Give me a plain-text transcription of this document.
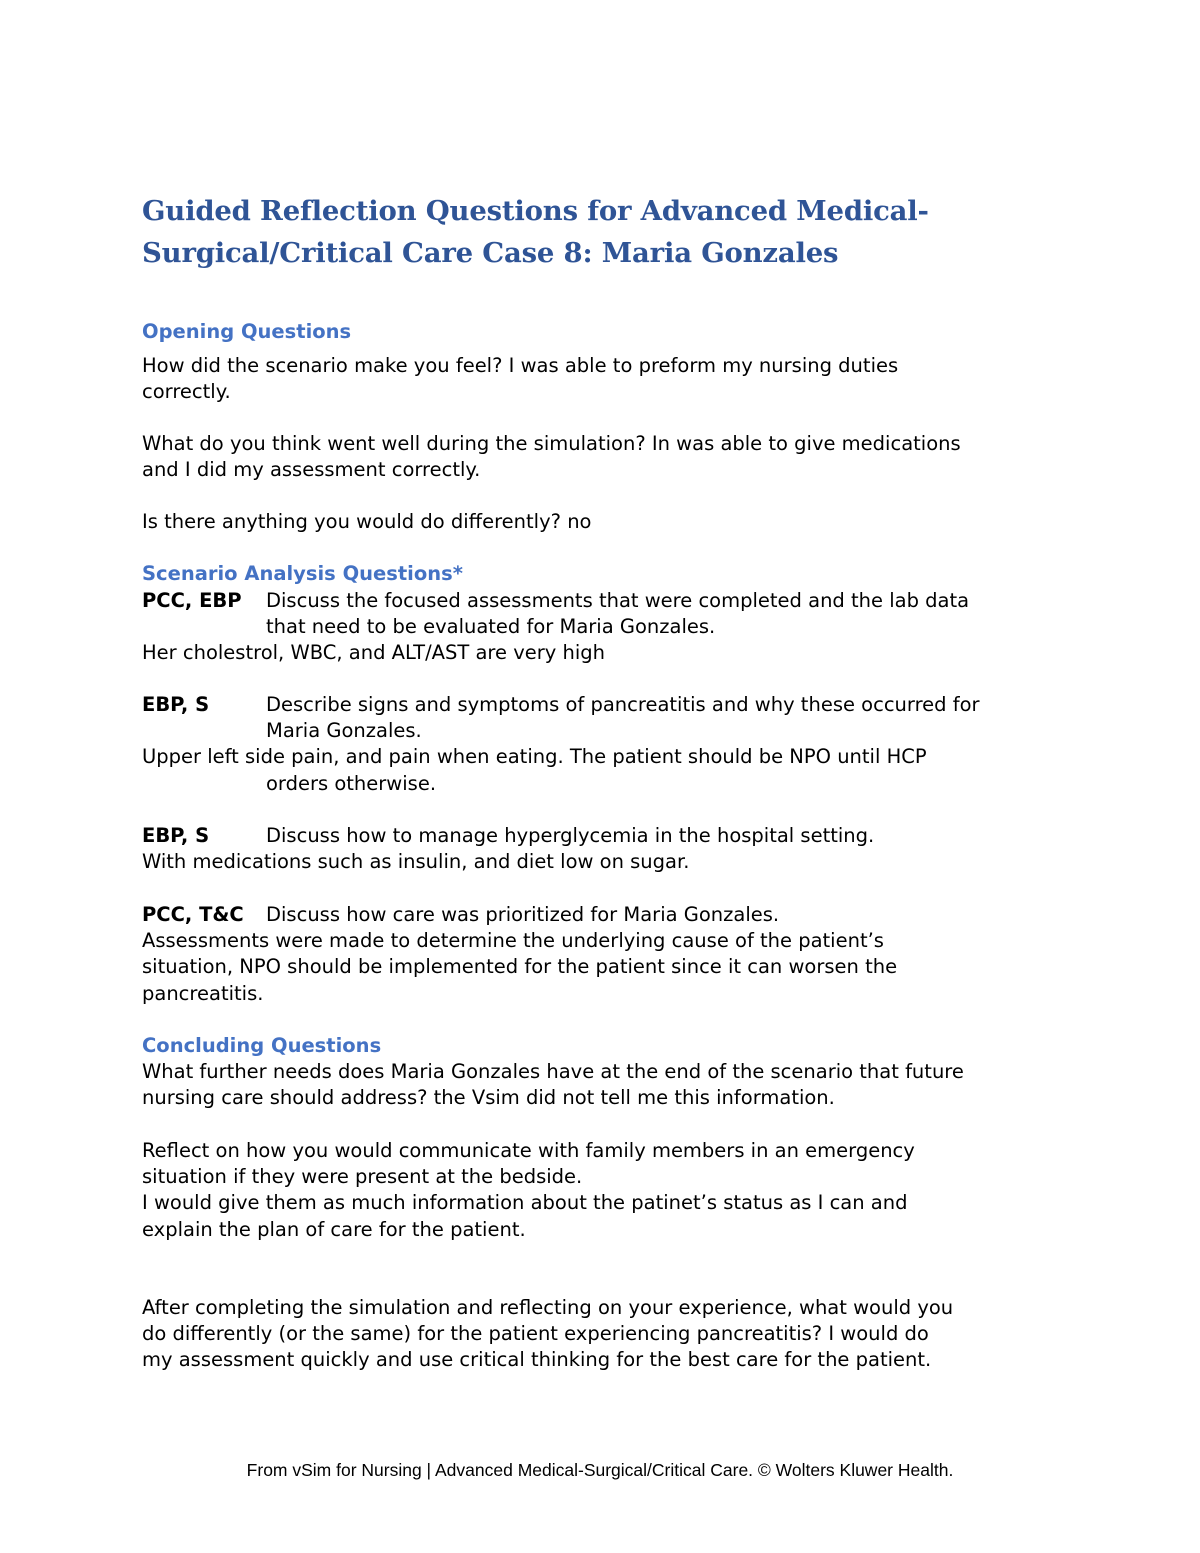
Guided Reflection Questions for Advanced Medical-
Surgical/Critical Care Case 8: Maria Gonzales
Opening Questions
How did the scenario make you feel? I was able to preform my nursing duties
correctly.
What do you think went well during the simulation? In was able to give medications
and I did my assessment correctly.
Is there anything you would do differently? no
Scenario Analysis Questions*
PCC, EBP Discuss the focused assessments that were completed and the lab data
that need to be evaluated for Maria Gonzales.
Her cholestrol, WBC, and ALT/AST are very high
EBP, S	Describe signs and symptoms of pancreatitis and why these occurred for
Maria Gonzales.
Upper left side pain, and pain when eating. The patient should be NPO until HCP
orders otherwise.
EBP, S	Discuss how to manage hyperglycemia in the hospital setting.
With medications such as insulin, and diet low on sugar.
PCC, T&C Discuss how care was prioritized for Maria Gonzales.
Assessments were made to determine the underlying cause of the patient’s
situation, NPO should be implemented for the patient since it can worsen the
pancreatitis.
Concluding Questions
What further needs does Maria Gonzales have at the end of the scenario that future
nursing care should address? the Vsim did not tell me this information.
Reflect on how you would communicate with family members in an emergency
situation if they were present at the bedside.
I would give them as much information about the patinet’s status as I can and
explain the plan of care for the patient.
After completing the simulation and reflecting on your experience, what would you
do differently (or the same) for the patient experiencing pancreatitis? I would do
my assessment quickly and use critical thinking for the best care for the patient.
From vSim for Nursing | Advanced Medical-Surgical/Critical Care. © Wolters Kluwer Health.
